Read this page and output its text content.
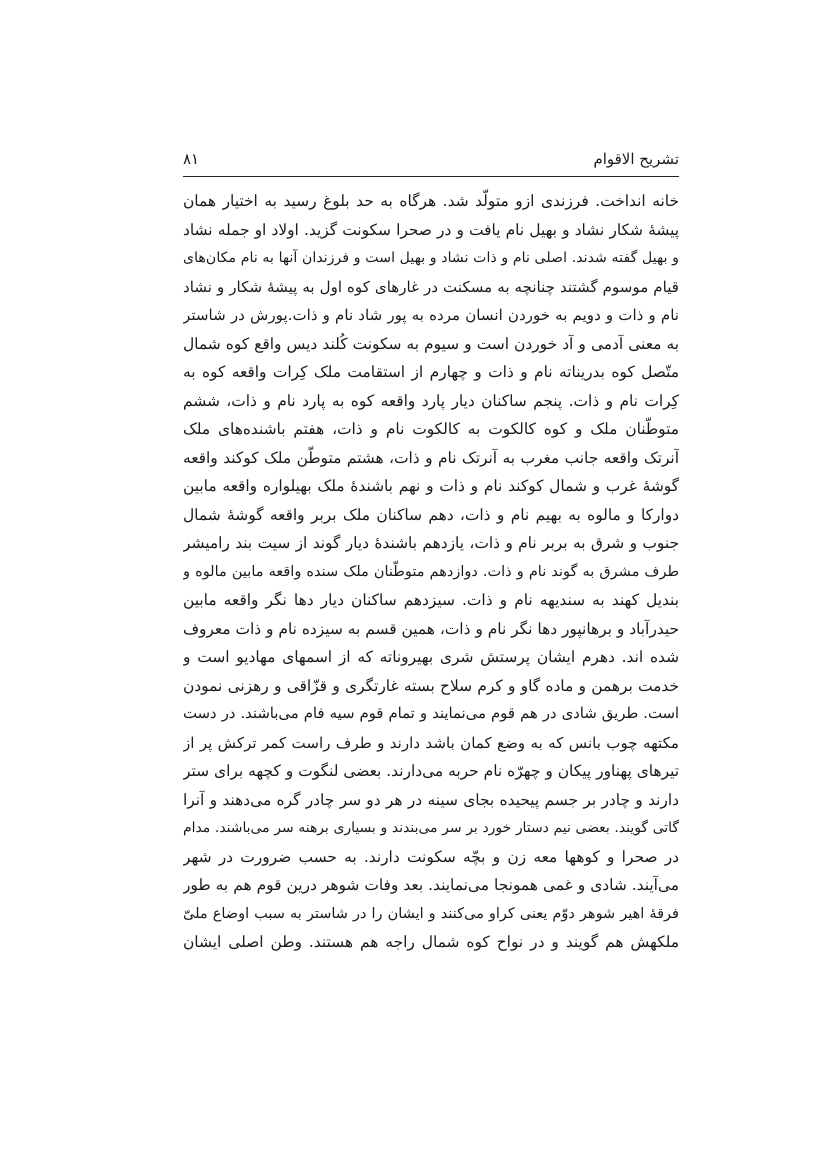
تشریح الاقوام
۸۱
خانه انداخت. فرزندی ازو متولّد شد. هرگاه به حد بلوغ رسید به اختیار همان
پیشهٔ شکار نشاد و بهیل نام یافت و در صحرا سکونت گزید. اولاد او جمله نشاد
و بهیل گفته شدند. اصلی نام و ذات نشاد و بهیل است و فرزندان آنها به نام مکان‌های
قیام موسوم گشتند چنانچه به مسکنت در غارهای کوه اول به پیشهٔ شکار و نشاد
نام و ذات و دویم به خوردن انسان مرده به پور شاد نام و ذات.پورش در شاستر
به معنی آدمی و آد خوردن است و سیوم به سکونت کُلند دیس واقع کوه شمال
متّصل کوه بدریناته نام و ذات و چهارم از استقامت ملک کِرات واقعه کوه به
کِرات نام و ذات. پنجم ساکنان دیار پارد واقعه کوه به پارد نام و ذات، ششم
متوطّنان ملک و کوه کالکوت به کالکوت نام و ذات، هفتم باشنده‌های ملک
آنرتک واقعه جانب مغرب به آنرتک نام و ذات، هشتم متوطّن ملک کوکند واقعه
گوشهٔ غرب و شمال کوکند نام و ذات و نهم باشندهٔ ملک بهیلواره واقعه مابین
دوارکا و مالوه به بهیم نام و ذات، دهم ساکنان ملک بربر واقعه گوشهٔ شمال
جنوب و شرق به بربر نام و ذات، یازدهم باشندهٔ دیار گوند از سیت بند رامیشر
طرف مشرق به گوند نام و ذات. دوازدهم متوطّنان ملک سنده واقعه مابین مالوه و
بندیل کهند به سندیهه نام و ذات. سیزدهم ساکنان دیار دها نگر واقعه مابین
حیدرآباد و برهانپور دها نگر نام و ذات، همین قسم به سیزده نام و ذات معروف
شده اند. دهرم ایشان پرستش شری بهیروناته که از اسمهای مهادیو است و
خدمت برهمن و ماده گاو و کرم سلاح بسته غارتگری و قزّاقی و رهزنی نمودن
است. طریق شادی در هم قوم می‌نمایند و تمام قوم سیه فام می‌باشند. در دست
مکتهه چوب بانس که به وضع کمان باشد دارند و طرف راست کمر ترکش پر از
تیرهای پهناور پیکان و چهرّه نام حربه می‌دارند. بعضی لنگوت و کچهه برای ستر
دارند و چادر بر جسم پیحیده بجای سینه در هر دو سر چادر گره می‌دهند و آنرا
گاتی گویند. بعضی نیم دستار خورد بر سر می‌بندند و بسیاری برهنه سر می‌باشند. مدام
در صحرا و کوهها معه زن و بچّه سکونت دارند. به حسب ضرورت در شهر
می‌آیند. شادی و غمی همونجا می‌نمایند. بعد وفات شوهر درین قوم هم به طور
فرقهٔ اهیر شوهر دوّم یعنی کراو می‌کنند و ایشان را در شاستر به سبب اوضاع ملیّ
ملکهش هم گویند و در نواح کوه شمال راجه هم هستند. وطن اصلی ایشان
